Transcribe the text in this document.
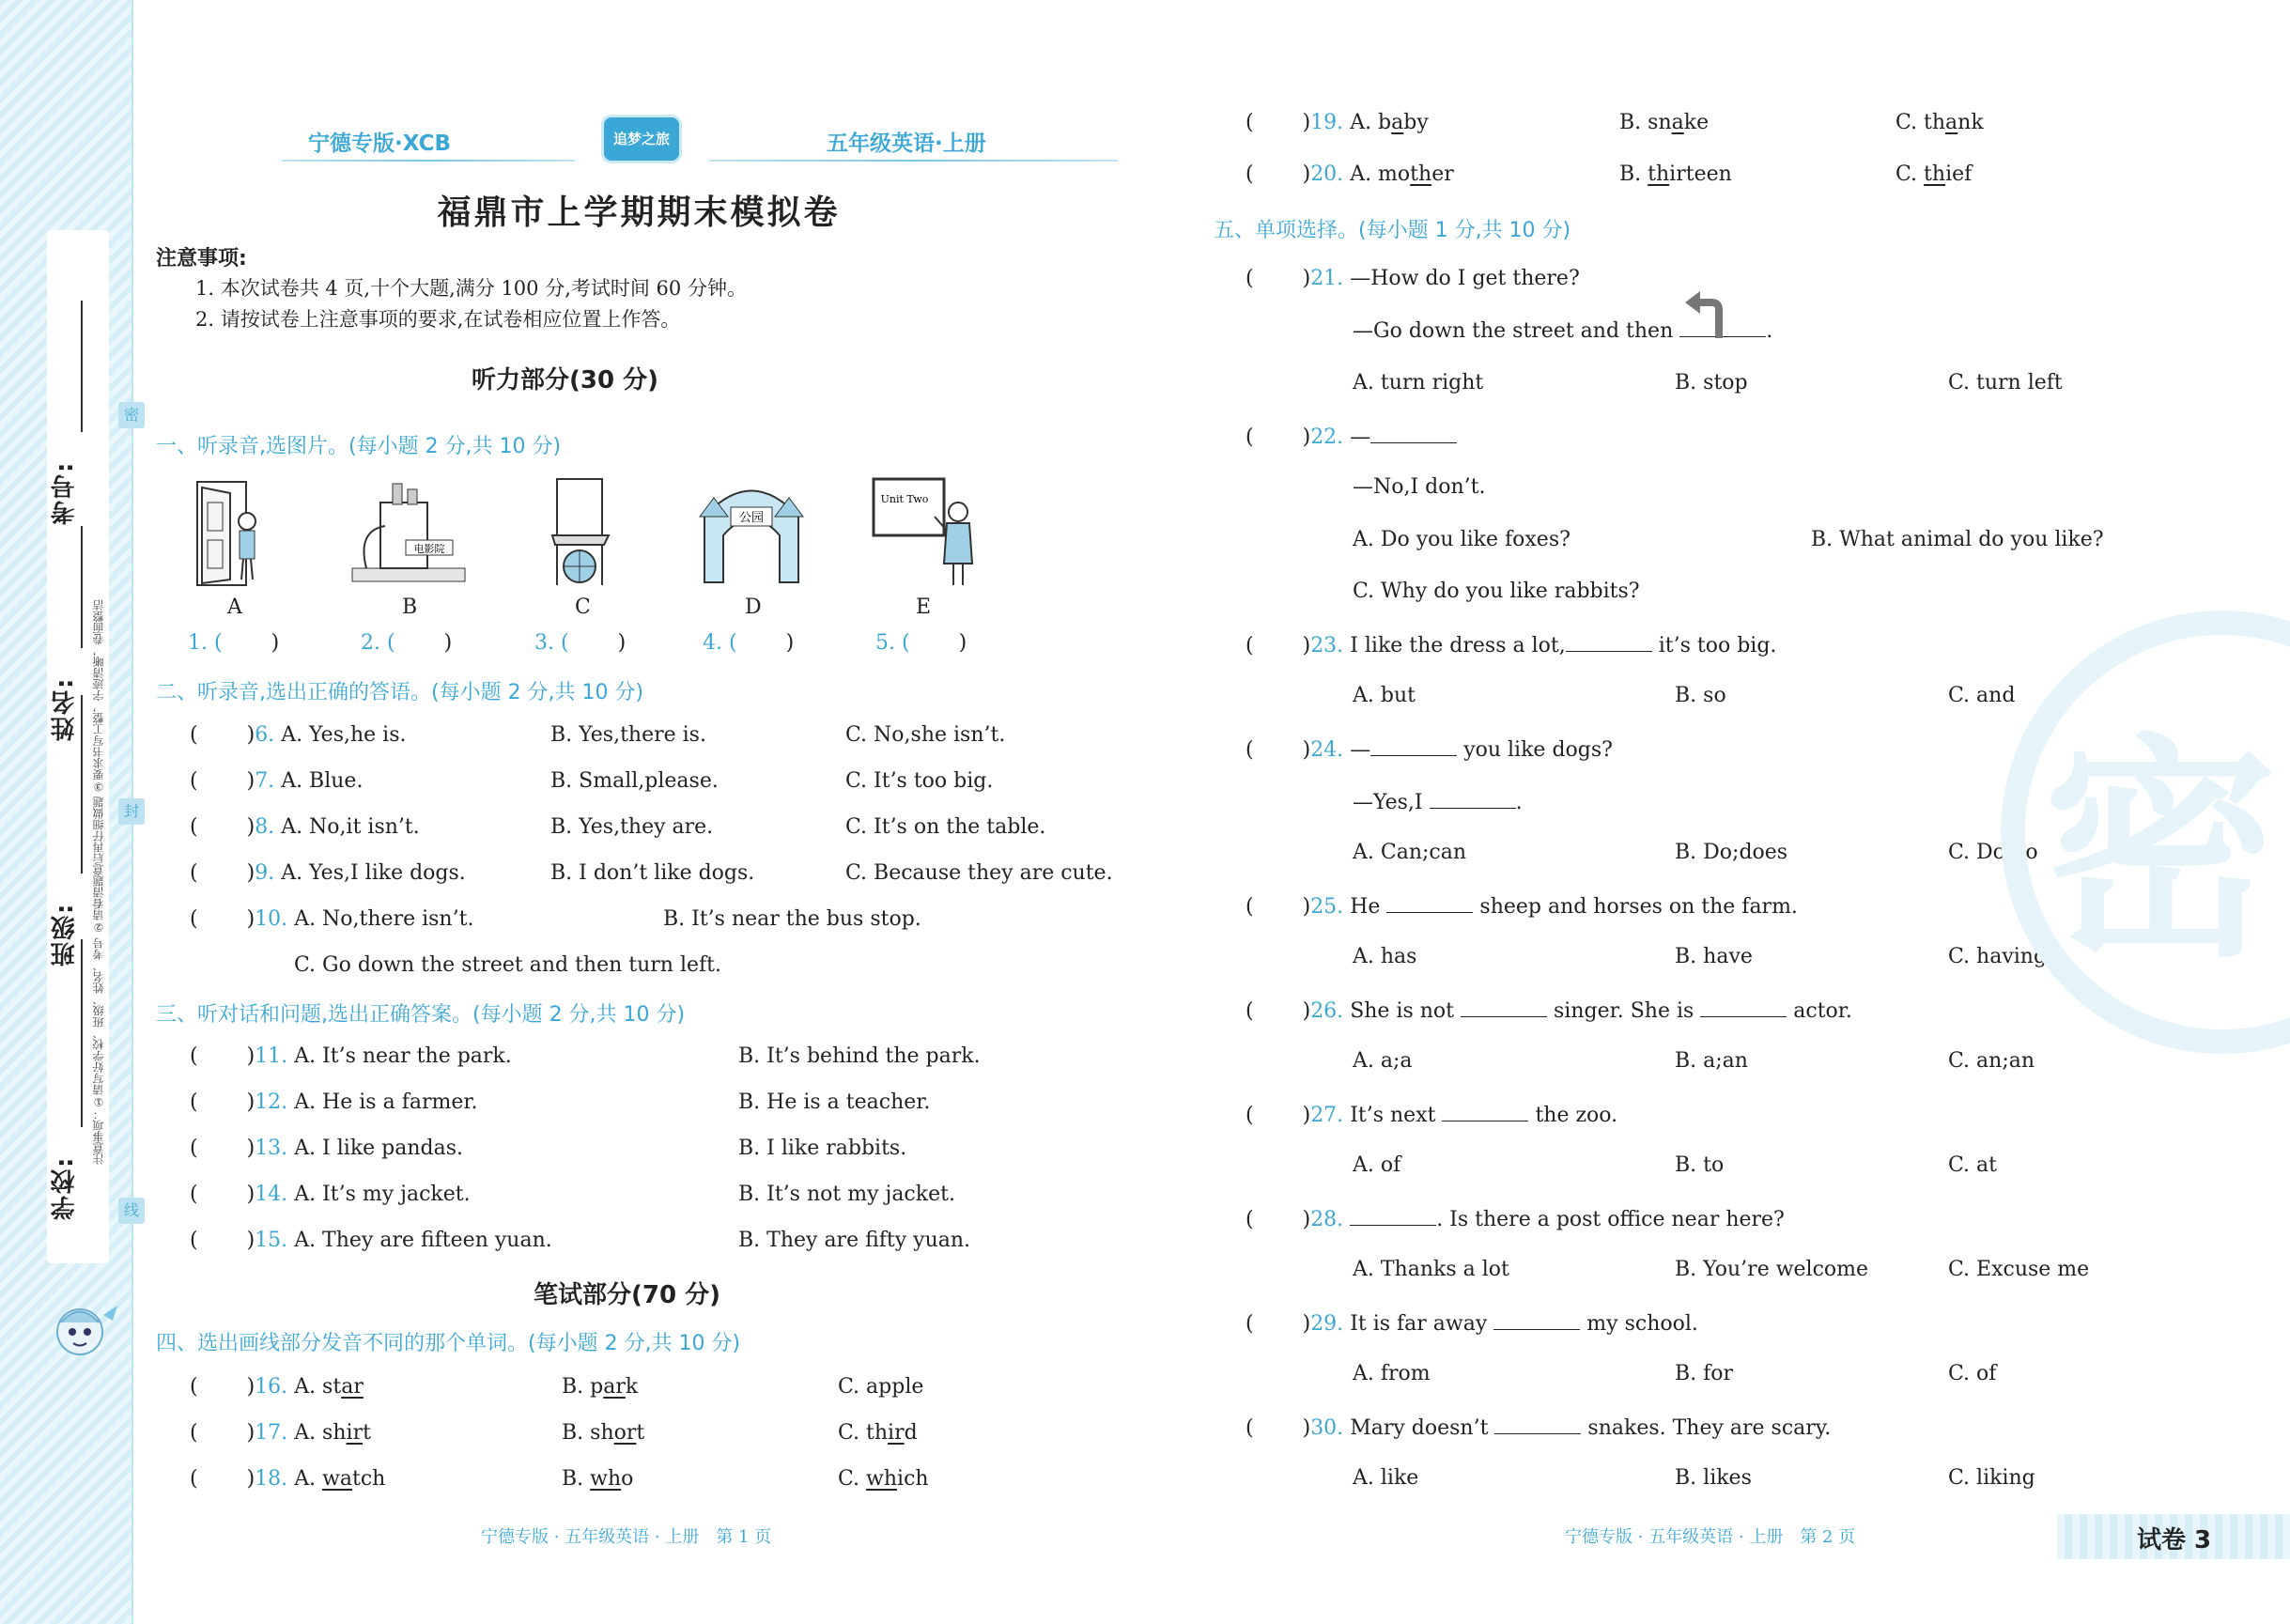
学校:
班级:
姓名:
考号:
注意事项：①请写好学校、班级、姓名、考号 ②请看清题意后再仔细做题 ③要求书写工整，字迹清晰，卷面整洁
密
封
线
宁德专版·XCB	追梦之旅	五年级英语·上册
福鼎市上学期期末模拟卷
注意事项:
1. 本次试卷共 4 页,十个大题,满分 100 分,考试时间 60 分钟。
2. 请按试卷上注意事项的要求,在试卷相应位置上作答。
听力部分(30 分)
一、听录音,选图片。(每小题 2 分,共 10 分)
电影院
公园
Unit Two
A	B	C	D	E
1. ( )	2. ( )	3. ( )	4. ( )	5. ( )
二、听录音,选出正确的答语。(每小题 2 分,共 10 分)
( )6. A. Yes,he is.	B. Yes,there is.	C. No,she isn’t.
( )7. A. Blue.	B. Small,please.	C. It’s too big.
( )8. A. No,it isn’t.	B. Yes,they are.	C. It’s on the table.
( )9. A. Yes,I like dogs.	B. I don’t like dogs.	C. Because they are cute.
( )10. A. No,there isn’t.	B. It’s near the bus stop.
C. Go down the street and then turn left.
三、听对话和问题,选出正确答案。(每小题 2 分,共 10 分)
( )11. A. It’s near the park.	B. It’s behind the park.
( )12. A. He is a farmer.	B. He is a teacher.
( )13. A. I like pandas.	B. I like rabbits.
( )14. A. It’s my jacket.	B. It’s not my jacket.
( )15. A. They are fifteen yuan.	B. They are fifty yuan.
笔试部分(70 分)
四、选出画线部分发音不同的那个单词。(每小题 2 分,共 10 分)
( )16. A. star	B. park	C. apple
( )17. A. shirt	B. short	C. third
( )18. A. watch	B. who	C. which
( )19. A. baby	B. snake	C. thank
( )20. A. mother	B. thirteen	C. thief
五、单项选择。(每小题 1 分,共 10 分)
( )21. —How do I get there?
—Go down the street and then	.
A. turn right	B. stop	C. turn left
( )22. —
—No,I don’t.
A. Do you like foxes?	B. What animal do you like?
C. Why do you like rabbits?
( )23. I like the dress a lot,	it’s too big.
A. but	B. so	C. and
( )24. —	you like dogs?
—Yes,I	.
A. Can;can	B. Do;does	C. Do;do
( )25. He	sheep and horses on the farm.
A. has	B. have	C. having
( )26. She is not	singer. She is	actor.
A. a;a	B. a;an	C. an;an
( )27. It’s next	the zoo.
A. of	B. to	C. at
( )28.	. Is there a post office near here?
A. Thanks a lot	B. You’re welcome	C. Excuse me
( )29. It is far away	my school.
A. from	B. for	C. of
( )30. Mary doesn’t	snakes. They are scary.
A. like	B. likes	C. liking
密
宁德专版 · 五年级英语 · 上册　第 1 页	宁德专版 · 五年级英语 · 上册　第 2 页	试卷 3
